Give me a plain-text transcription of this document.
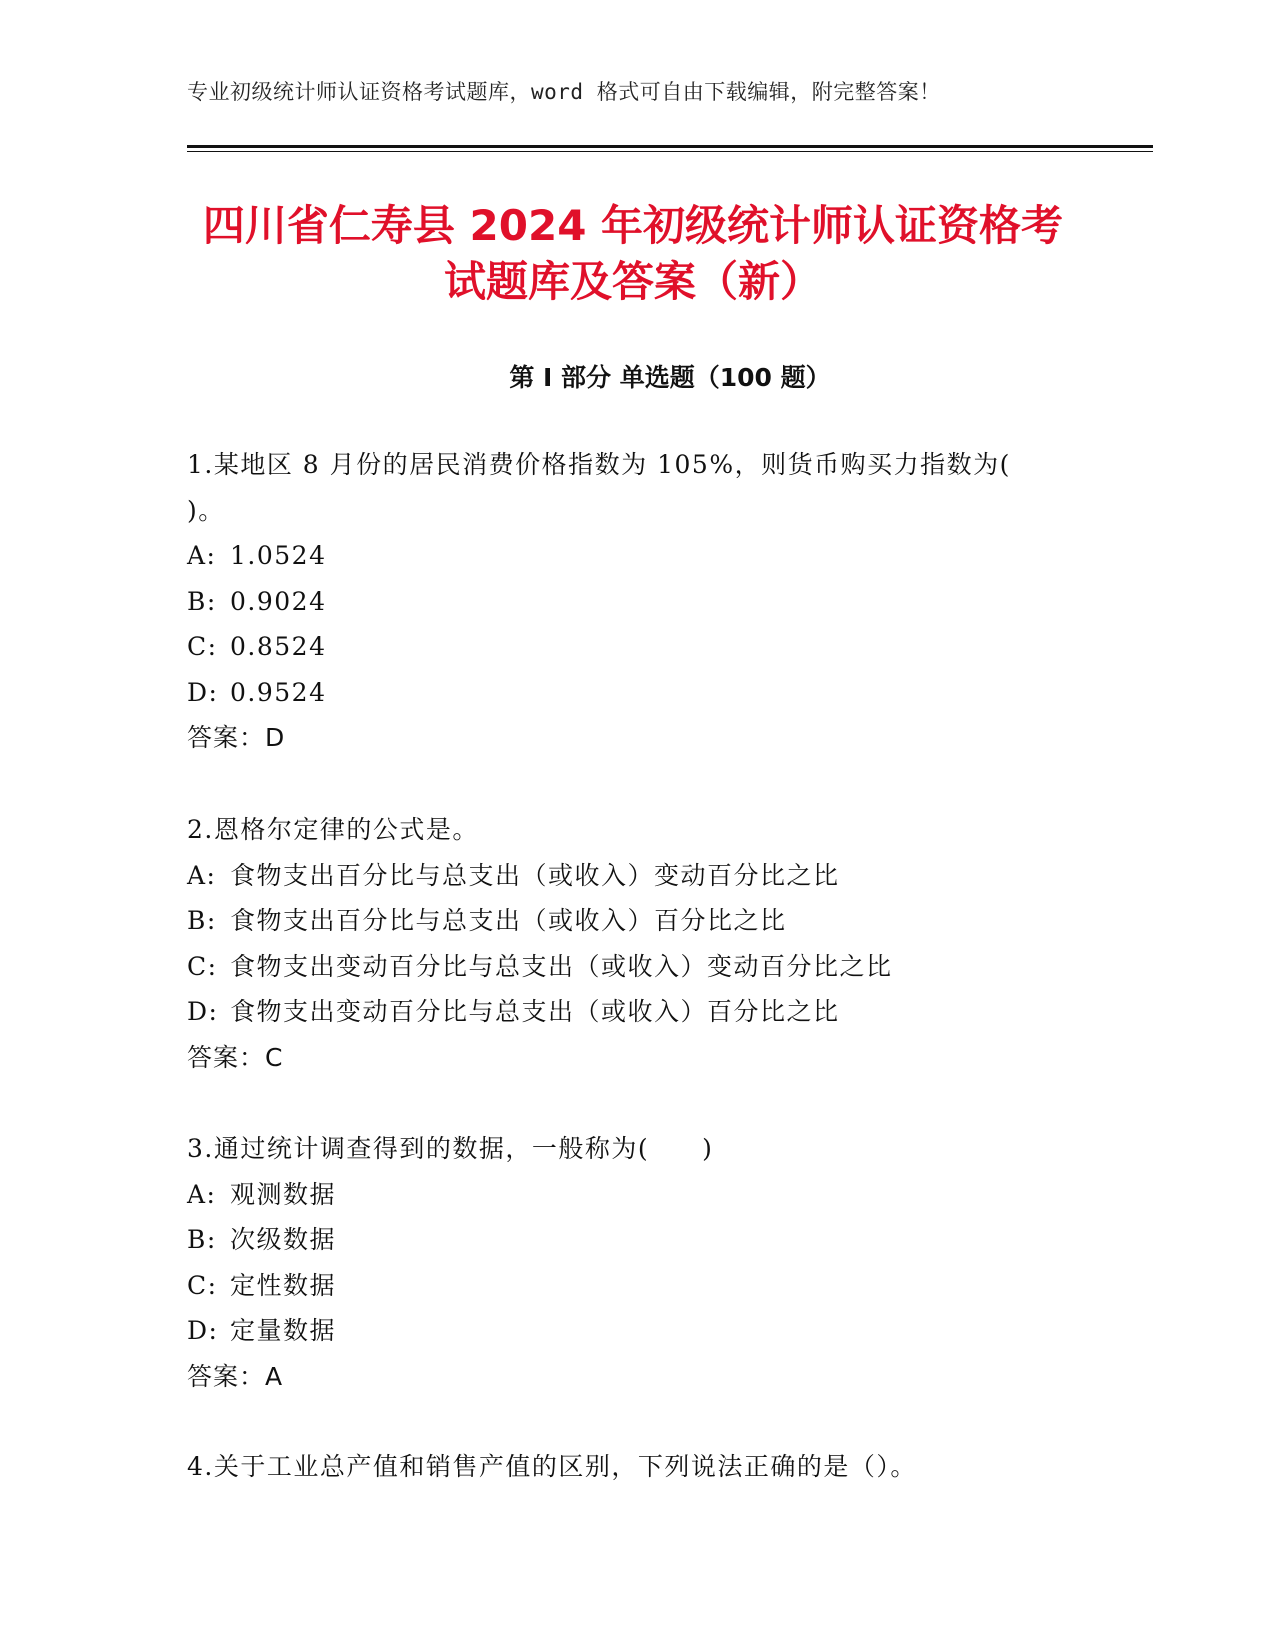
专业初级统计师认证资格考试题库，word 格式可自由下载编辑，附完整答案！
四川省仁寿县 2024 年初级统计师认证资格考
试题库及答案（新）
第 I 部分 单选题（100 题）

1.某地区 8 月份的居民消费价格指数为 105%，则货币购买力指数为(

)。

A: 1.0524

B: 0.9024

C: 0.8524

D: 0.9524

答案：D

2.恩格尔定律的公式是。

A: 食物支出百分比与总支出（或收入）变动百分比之比

B: 食物支出百分比与总支出（或收入）百分比之比

C: 食物支出变动百分比与总支出（或收入）变动百分比之比

D: 食物支出变动百分比与总支出（或收入）百分比之比

答案：C

3.通过统计调查得到的数据，一般称为(　　)

A: 观测数据

B: 次级数据

C: 定性数据

D: 定量数据

答案：A

4.关于工业总产值和销售产值的区别，下列说法正确的是（）。
